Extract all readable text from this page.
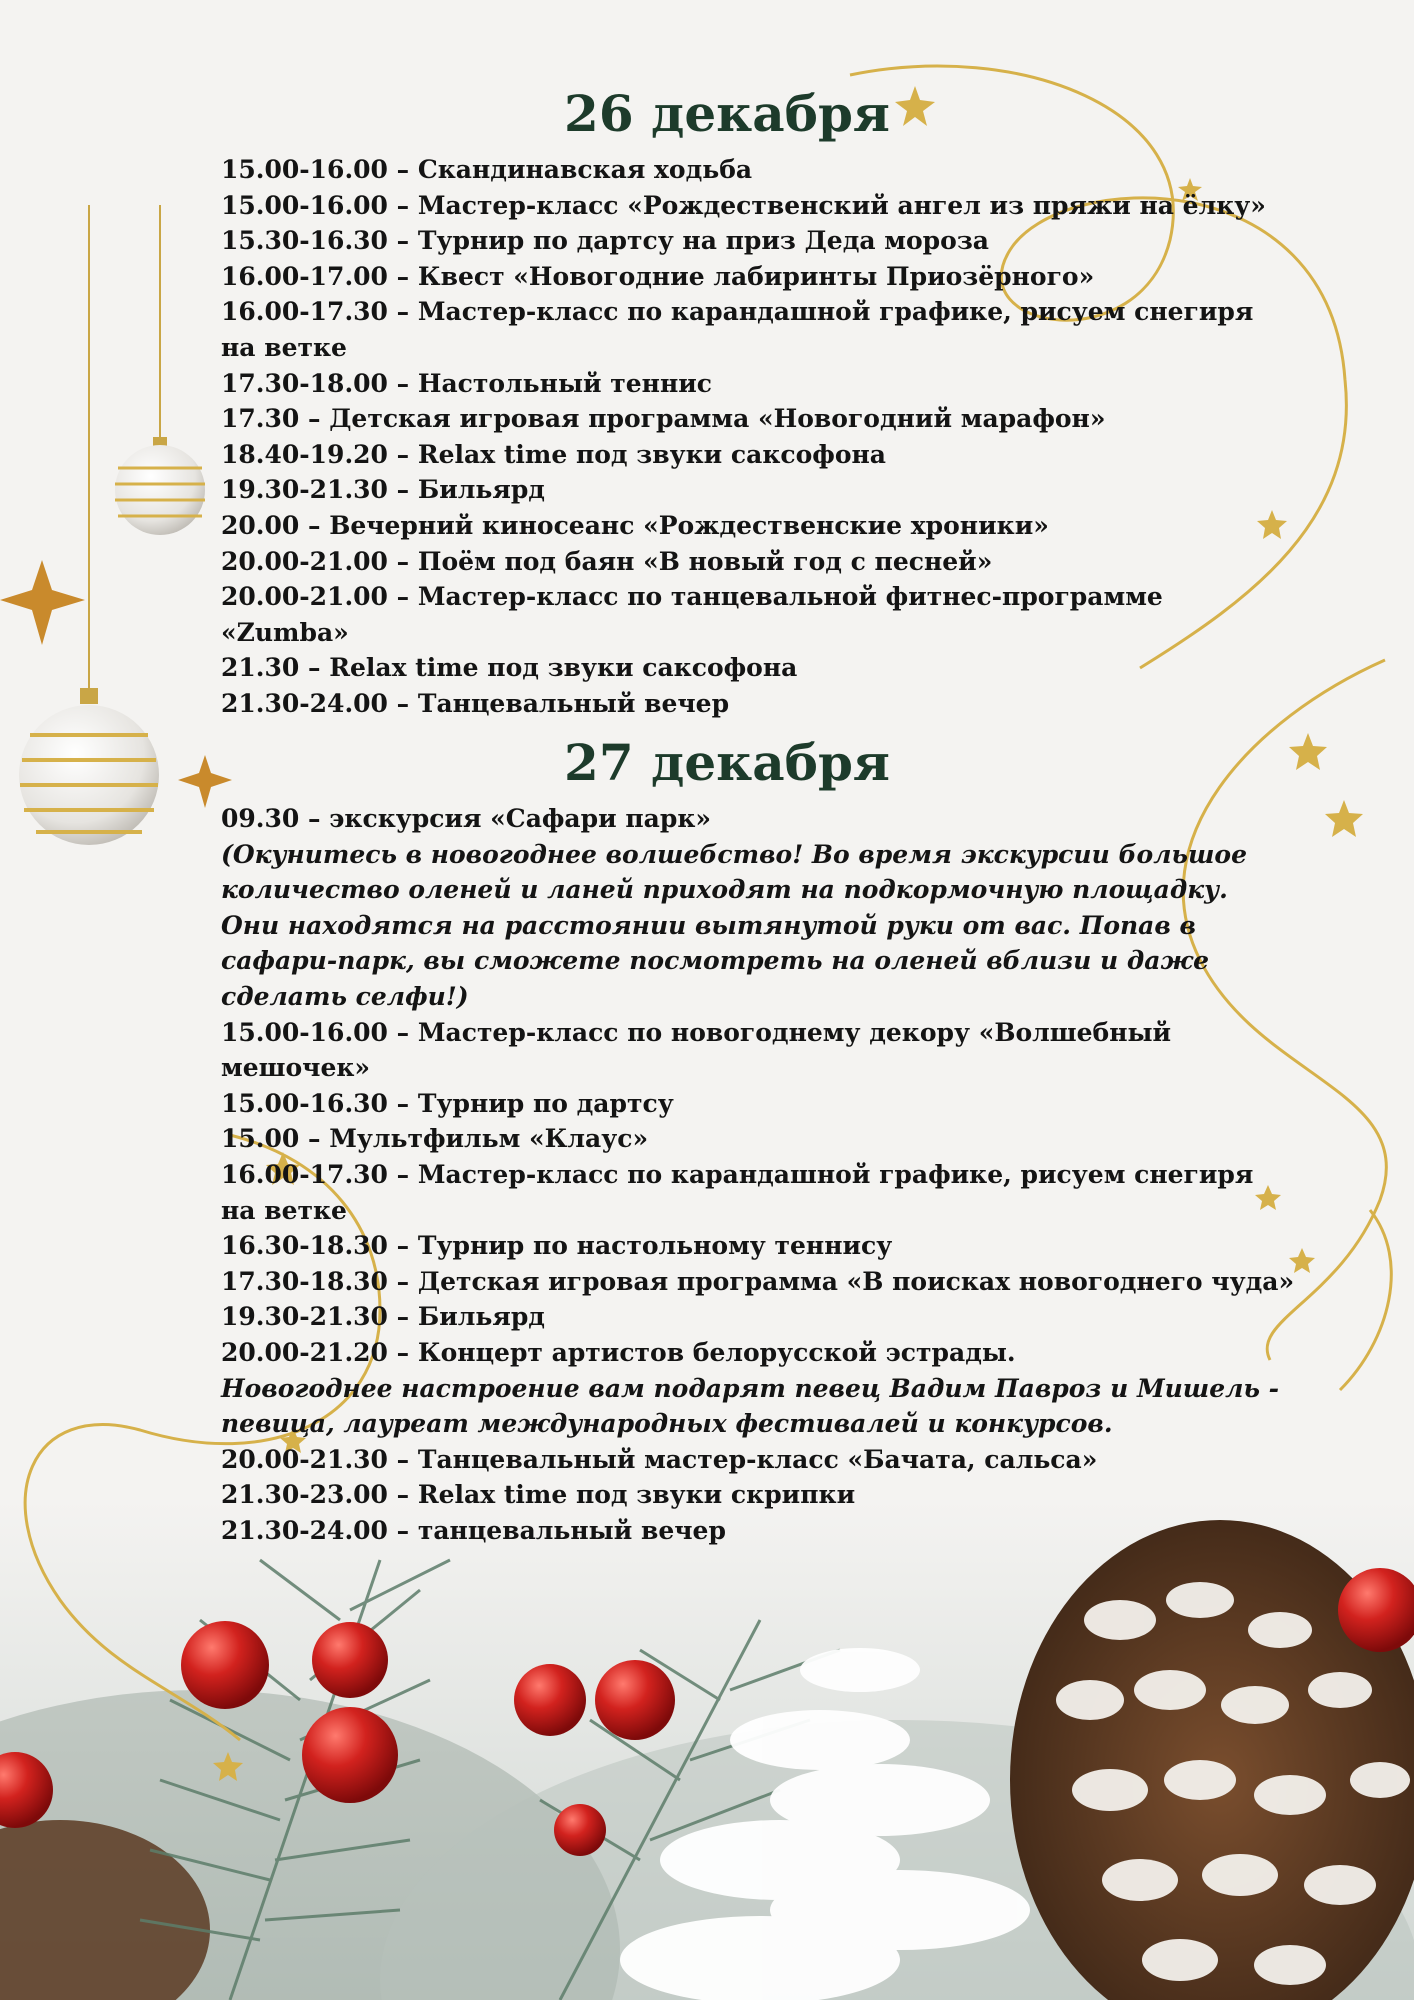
26 декабря
15.00-16.00 – Скандинавская ходьба
15.00-16.00 – Мастер-класс «Рождественский ангел из пряжи на ёлку»
15.30-16.30 – Турнир по дартсу на приз Деда мороза
16.00-17.00 – Квест «Новогодние лабиринты Приозёрного»
16.00-17.30 – Мастер-класс по карандашной графике, рисуем снегиря на ветке
17.30-18.00 – Настольный теннис
17.30 – Детская игровая программа «Новогодний марафон»
18.40-19.20 – Relax time под звуки саксофона
19.30-21.30 – Бильярд
20.00 – Вечерний киносеанс «Рождественские хроники»
20.00-21.00 – Поём под баян «В новый год с песней»
20.00-21.00 – Мастер-класс по танцевальной фитнес-программе «Zumba»
21.30 – Relax time под звуки саксофона
21.30-24.00 – Танцевальный вечер
27 декабря
09.30 – экскурсия «Сафари парк»
(Окунитесь в новогоднее волшебство! Во время экскурсии большое количество оленей и ланей приходят на подкормочную площадку. Они находятся на расстоянии вытянутой руки от вас. Попав в сафари-парк, вы сможете посмотреть на оленей вблизи и даже сделать селфи!)
15.00-16.00 – Мастер-класс по новогоднему декору «Волшебный мешочек»
15.00-16.30 – Турнир по дартсу
15.00 – Мультфильм «Клаус»
16.00-17.30 – Мастер-класс по карандашной графике, рисуем снегиря на ветке
16.30-18.30 – Турнир по настольному теннису
17.30-18.30 – Детская игровая программа «В поисках новогоднего чуда»
19.30-21.30 – Бильярд
20.00-21.20 – Концерт артистов белорусской эстрады.
Новогоднее настроение вам подарят певец Вадим Павроз и Мишель - певица, лауреат международных фестивалей и конкурсов.
20.00-21.30 – Танцевальный мастер-класс «Бачата, сальса»
21.30-23.00 – Relax time под звуки скрипки
21.30-24.00 – танцевальный вечер
